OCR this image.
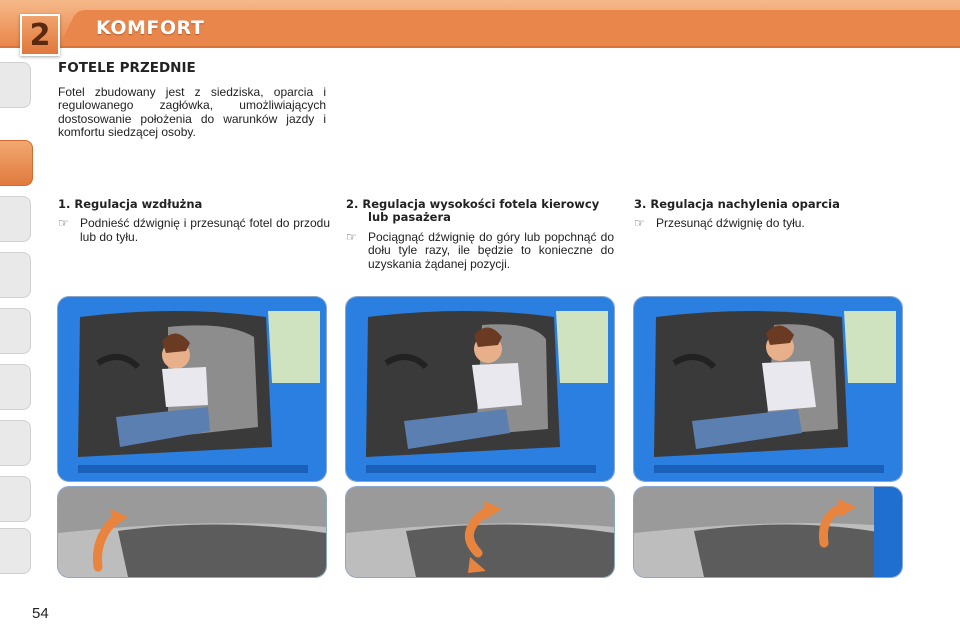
2	KOMFORT
FOTELE PRZEDNIE
Fotel zbudowany jest z siedziska, oparcia i regulowanego zagłówka, umożliwiających dostosowanie położenia do warunków jazdy i komfortu siedzącej osoby.
1. Regulacja wzdłużna
☞ Podnieść dźwignię i przesunąć fotel do przodu lub do tyłu.
2. Regulacja wysokości fotela kierowcy lub pasażera
☞ Pociągnąć dźwignię do góry lub popchnąć do dołu tyle razy, ile będzie to konieczne do uzyskania żądanej pozycji.
3. Regulacja nachylenia oparcia
☞ Przesunąć dźwignię do tyłu.
54
